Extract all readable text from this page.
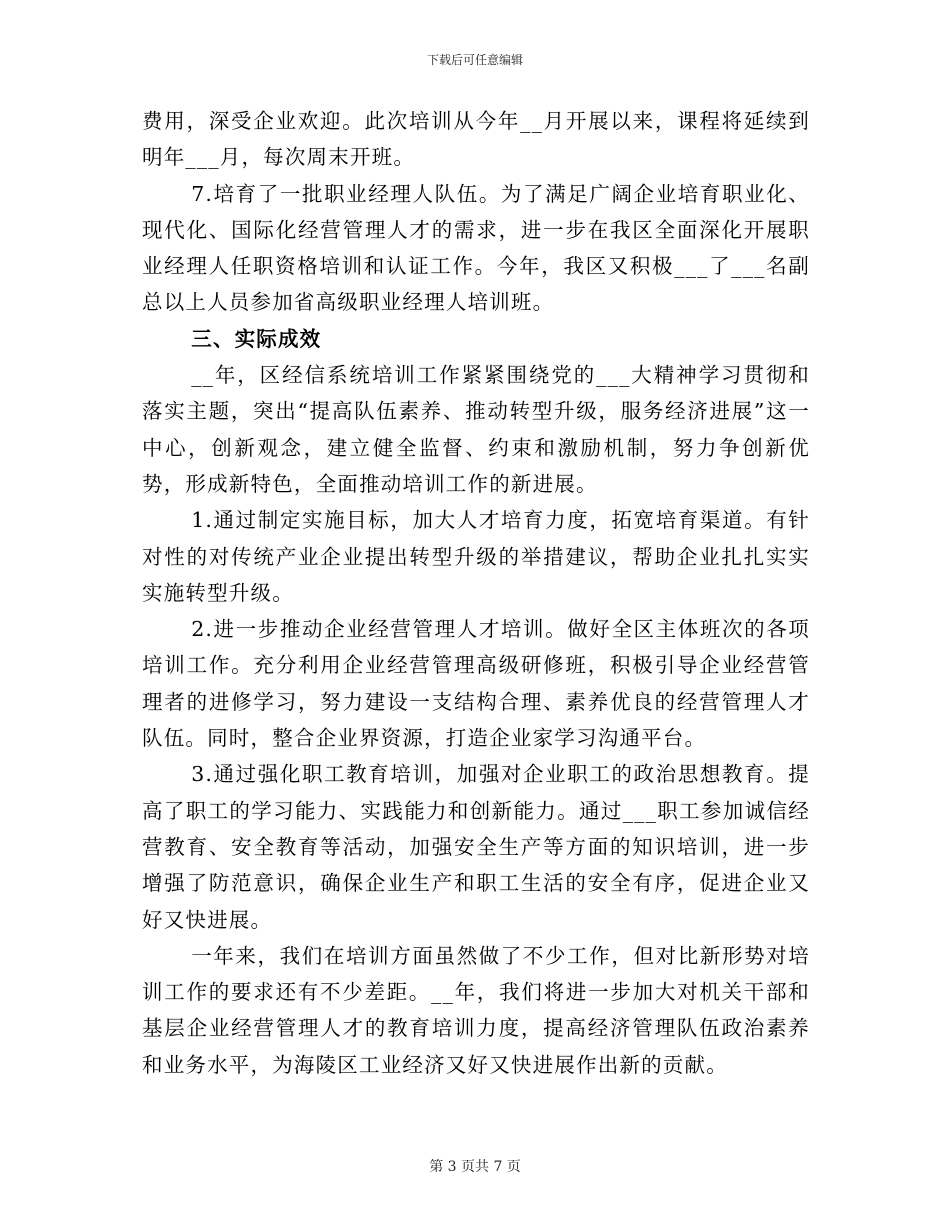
下载后可任意编辑

费用，深受企业欢迎。此次培训从今年__月开展以来，课程将延续到明年___月，每次周末开班。

7.培育了一批职业经理人队伍。为了满足广阔企业培育职业化、现代化、国际化经营管理人才的需求，进一步在我区全面深化开展职业经理人任职资格培训和认证工作。今年，我区又积极___了___名副总以上人员参加省高级职业经理人培训班。

三、实际成效

__年，区经信系统培训工作紧紧围绕党的___大精神学习贯彻和落实主题，突出“提高队伍素养、推动转型升级，服务经济进展”这一中心，创新观念，建立健全监督、约束和激励机制，努力争创新优势，形成新特色，全面推动培训工作的新进展。

1.通过制定实施目标，加大人才培育力度，拓宽培育渠道。有针对性的对传统产业企业提出转型升级的举措建议，帮助企业扎扎实实实施转型升级。

2.进一步推动企业经营管理人才培训。做好全区主体班次的各项培训工作。充分利用企业经营管理高级研修班，积极引导企业经营管理者的进修学习，努力建设一支结构合理、素养优良的经营管理人才队伍。同时，整合企业界资源，打造企业家学习沟通平台。

3.通过强化职工教育培训，加强对企业职工的政治思想教育。提高了职工的学习能力、实践能力和创新能力。通过___职工参加诚信经营教育、安全教育等活动，加强安全生产等方面的知识培训，进一步增强了防范意识，确保企业生产和职工生活的安全有序，促进企业又好又快进展。

一年来，我们在培训方面虽然做了不少工作，但对比新形势对培训工作的要求还有不少差距。__年，我们将进一步加大对机关干部和基层企业经营管理人才的教育培训力度，提高经济管理队伍政治素养和业务水平，为海陵区工业经济又好又快进展作出新的贡献。

第 3 页共 7 页
